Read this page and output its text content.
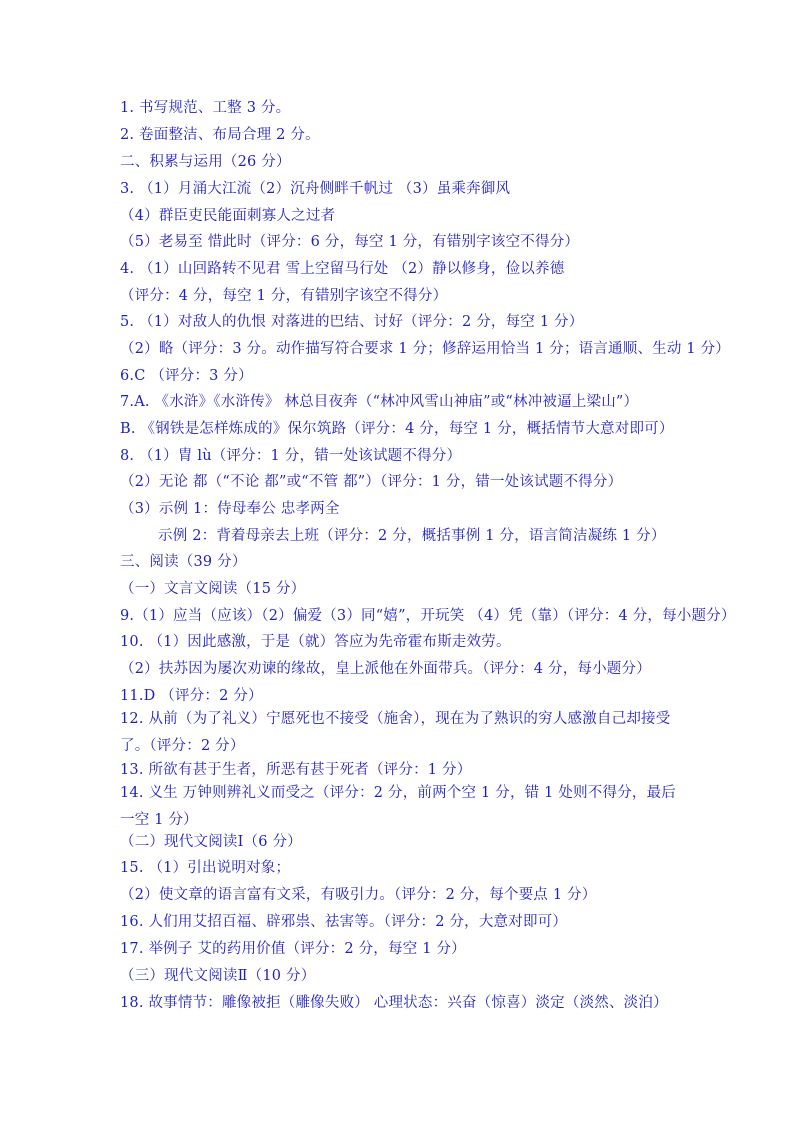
1. 书写规范、工整 3 分。
2. 卷面整洁、布局合理 2 分。
二、积累与运用（26 分）
3. （1）月涌大江流（2）沉舟侧畔千帆过 （3）虽乘奔御风
（4）群臣吏民能面刺寡人之过者
（5）老易至 惜此时（评分：6 分，每空 1 分，有错别字该空不得分）
4. （1）山回路转不见君 雪上空留马行处 （2）静以修身，俭以养德
（评分：4 分，每空 1 分，有错别字该空不得分）
5. （1）对敌人的仇恨 对落进的巴结、讨好（评分：2 分，每空 1 分）
（2）略（评分：3 分。动作描写符合要求 1 分；修辞运用恰当 1 分；语言通顺、生动 1 分）
6.C （评分：3 分）
7.A. 《水浒》《水浒传》 林总目夜奔（“林冲风雪山神庙”或“林冲被逼上梁山”）
B. 《钢铁是怎样炼成的》保尔筑路（评分：4 分，每空 1 分，概括情节大意对即可）
8. （1）胄 lù（评分：1 分，错一处该试题不得分）
（2）无论 都（“不论 都”或“不管 都”）（评分：1 分，错一处该试题不得分）
（3）示例 1：侍母奉公 忠孝两全
示例 2：背着母亲去上班（评分：2 分，概括事例 1 分，语言简洁凝练 1 分）
三、阅读（39 分）
（一）文言文阅读（15 分）
9.（1）应当（应该）（2）偏爱（3）同“嬉”，开玩笑 （4）凭（靠）（评分：4 分，每小题分）
10. （1）因此感激，于是（就）答应为先帝霍布斯走效劳。
（2）扶苏因为屡次劝谏的缘故，皇上派他在外面带兵。（评分：4 分，每小题分）
11.D （评分：2 分）
12. 从前（为了礼义）宁愿死也不接受（施舍），现在为了熟识的穷人感激自己却接受了。（评分：2 分）
13. 所欲有甚于生者，所恶有甚于死者（评分：1 分）
14. 义生 万钟则辨礼义而受之（评分：2 分，前两个空 1 分，错 1 处则不得分，最后一空 1 分）
（二）现代文阅读Ⅰ（6 分）
15. （1）引出说明对象；
（2）使文章的语言富有文采，有吸引力。（评分：2 分，每个要点 1 分）
16. 人们用艾招百福、辟邪祟、祛害等。（评分：2 分，大意对即可）
17. 举例子 艾的药用价值（评分：2 分，每空 1 分）
（三）现代文阅读Ⅱ（10 分）
18. 故事情节：雕像被拒（雕像失败） 心理状态：兴奋（惊喜）淡定（淡然、淡泊）
